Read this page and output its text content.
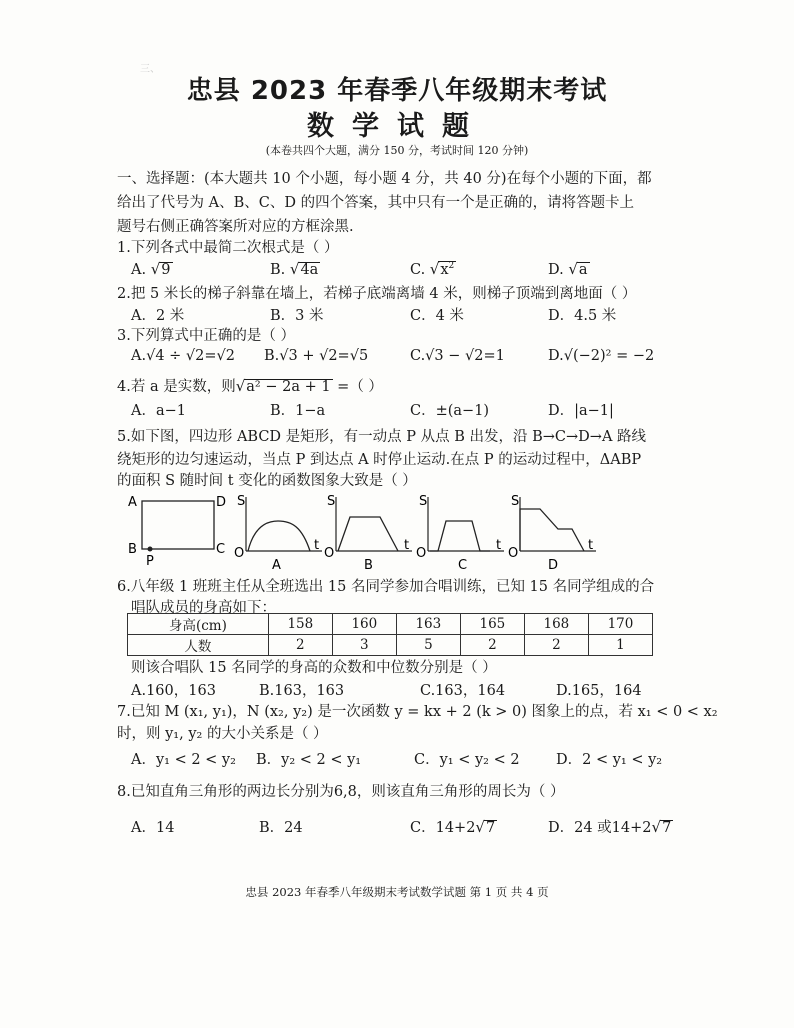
三、　　　　　　　　　　　　　　　　　　　　　　　　　　　　　　　　　　　　　
忠县 2023 年春季八年级期末考试
数学试题
(本卷共四个大题，满分 150 分，考试时间 120 分钟)
一、选择题：(本大题共 10 个小题，每小题 4 分，共 40 分)在每个小题的下面，都
给出了代号为 A、B、C、D 的四个答案，其中只有一个是正确的，请将答题卡上
题号右侧正确答案所对应的方框涂黑.
1.下列各式中最简二次根式是（ ）
A. √9	B. √4a	C. $√x^2$	D. √a
2.把 5 米长的梯子斜靠在墙上，若梯子底端离墙 4 米，则梯子顶端到离地面（ ）
A．2 米	B．3 米	C．4 米	D．4.5 米
3.下列算式中正确的是（ ）
A.√4 ÷ √2=√2 B.√3 + √2=√5	C.√3 − √2=1	D.√(−2)² = −2
4.若 a 是实数，则√a² − 2a + 1 =（ ）
A．a−1	B．1−a	C．±(a−1)	D．|a−1|
5.如下图，四边形 ABCD 是矩形，有一动点 P 从点 B 出发，沿 B→C→D→A 路线
绕矩形的边匀速运动，当点 P 到达点 A 时停止运动.在点 P 的运动过程中，ΔABP
的面积 S 随时间 t 变化的函数图象大致是（ ）
A	D
B	C
P
S
t
O
A
S
t
O
B
S
t
O
C
S
t
O
D
6.八年级 1 班班主任从全班选出 15 名同学参加合唱训练，已知 15 名同学组成的合
唱队成员的身高如下：
身高(cm)	158	160	163	165	168	170
人数	2	3	5	2	2	1
则该合唱队 15 名同学的身高的众数和中位数分别是（ ）
A.160，163	B.163，163	C.163，164	D.165，164
7.已知 M (x₁, y₁)，N (x₂, y₂) 是一次函数 y = kx + 2 (k > 0) 图象上的点，若 x₁ < 0 < x₂
时，则 y₁, y₂ 的大小关系是（ ）
A．y₁ < 2 < y₂ B．y₂ < 2 < y₁	C．y₁ < y₂ < 2	D．2 < y₁ < y₂
8.已知直角三角形的两边长分别为6,8，则该直角三角形的周长为（ ）
A．14	B．24	C．14+2√7	D．24 或14+2√7
忠县 2023 年春季八年级期末考试数学试题 第 1 页 共 4 页
